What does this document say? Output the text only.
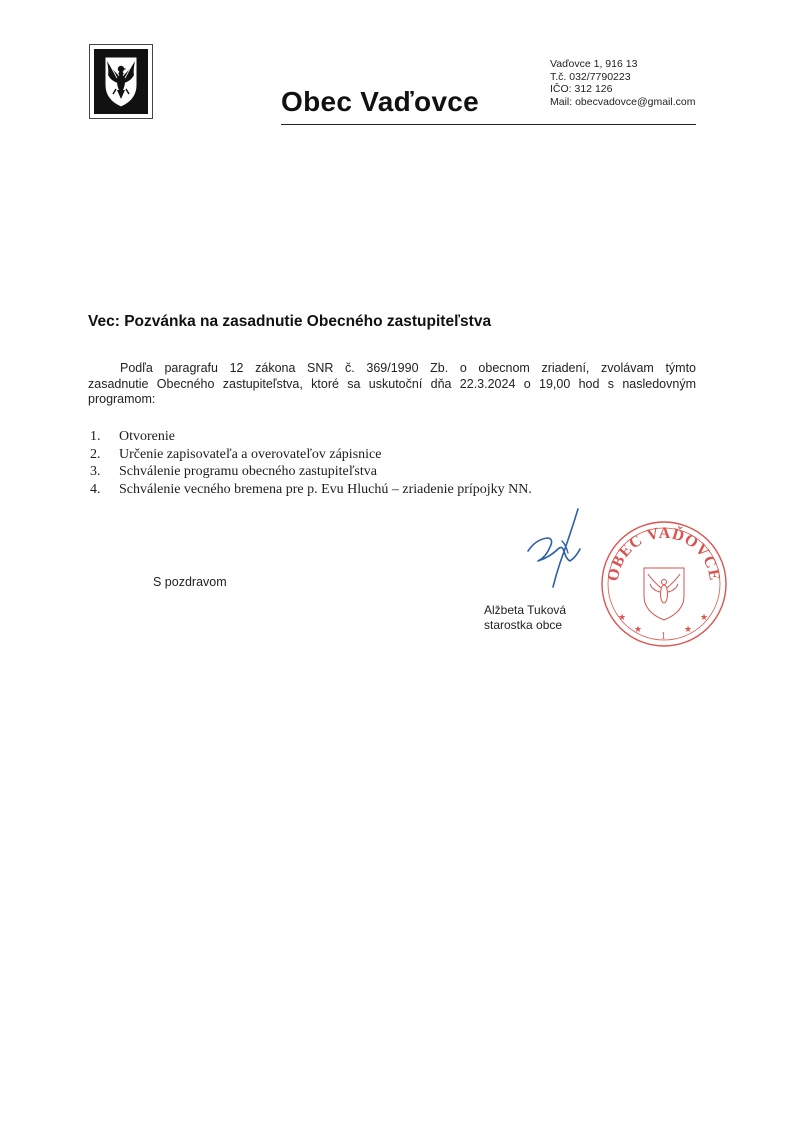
Obec Vaďovce
Vaďovce 1, 916 13
T.č. 032/7790223
IČO: 312 126
Mail: obecvadovce@gmail.com
Vec: Pozvánka na zasadnutie Obecného zastupiteľstva
Podľa paragrafu 12 zákona SNR č. 369/1990 Zb. o obecnom zriadení, zvolávam týmto
zasadnutie Obecného zastupiteľstva, ktoré sa uskutoční dňa 22.3.2024 o 19,00 hod s nasledovným
programom:
1.	Otvorenie
2.	Určenie zapisovateľa a overovateľov zápisnice
3.	Schválenie programu obecného zastupiteľstva
4.	Schválenie vecného bremena pre p. Evu Hluchú – zriadenie prípojky NN.
S pozdravom	OBEC VAĎOVCE
★
★	★
★
1
Alžbeta Tuková
starostka obce
